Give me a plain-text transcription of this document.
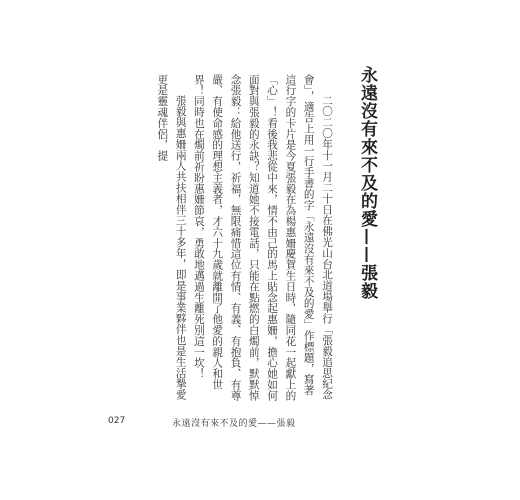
永遠沒有來不及的愛——張毅

二〇二〇年十一月二十日在佛光山台北道場舉行「張毅追思紀念會」，適告上用一行手書的字「永遠沒有來不及的愛」作標題，寫著這行字的卡片是今夏張毅在為楊惠姍慶賀生日時，隨同花一起獻上的「心」！看後我悲從中來，情不由己的馬上貼念起惠姍，擔心她如何面對與張毅的永訣？知道她不接電話，只能在點燃的白燭前，默默悼念張毅：給他送行，祈福，無限痛惜這位有情、有義、有抱負、有尊嚴、有使命感的理想主義者，才六十九歲就離開了他愛的親人和世界！同時也在燭前祈盼惠姍節哀，勇敢地邁過生離死別這一坎！

張毅與惠姍兩人共扶相伴三十多年，即是事業夥伴也是生活摯愛更是靈魂伴侶，提

027	永遠沒有來不及的愛——張毅
